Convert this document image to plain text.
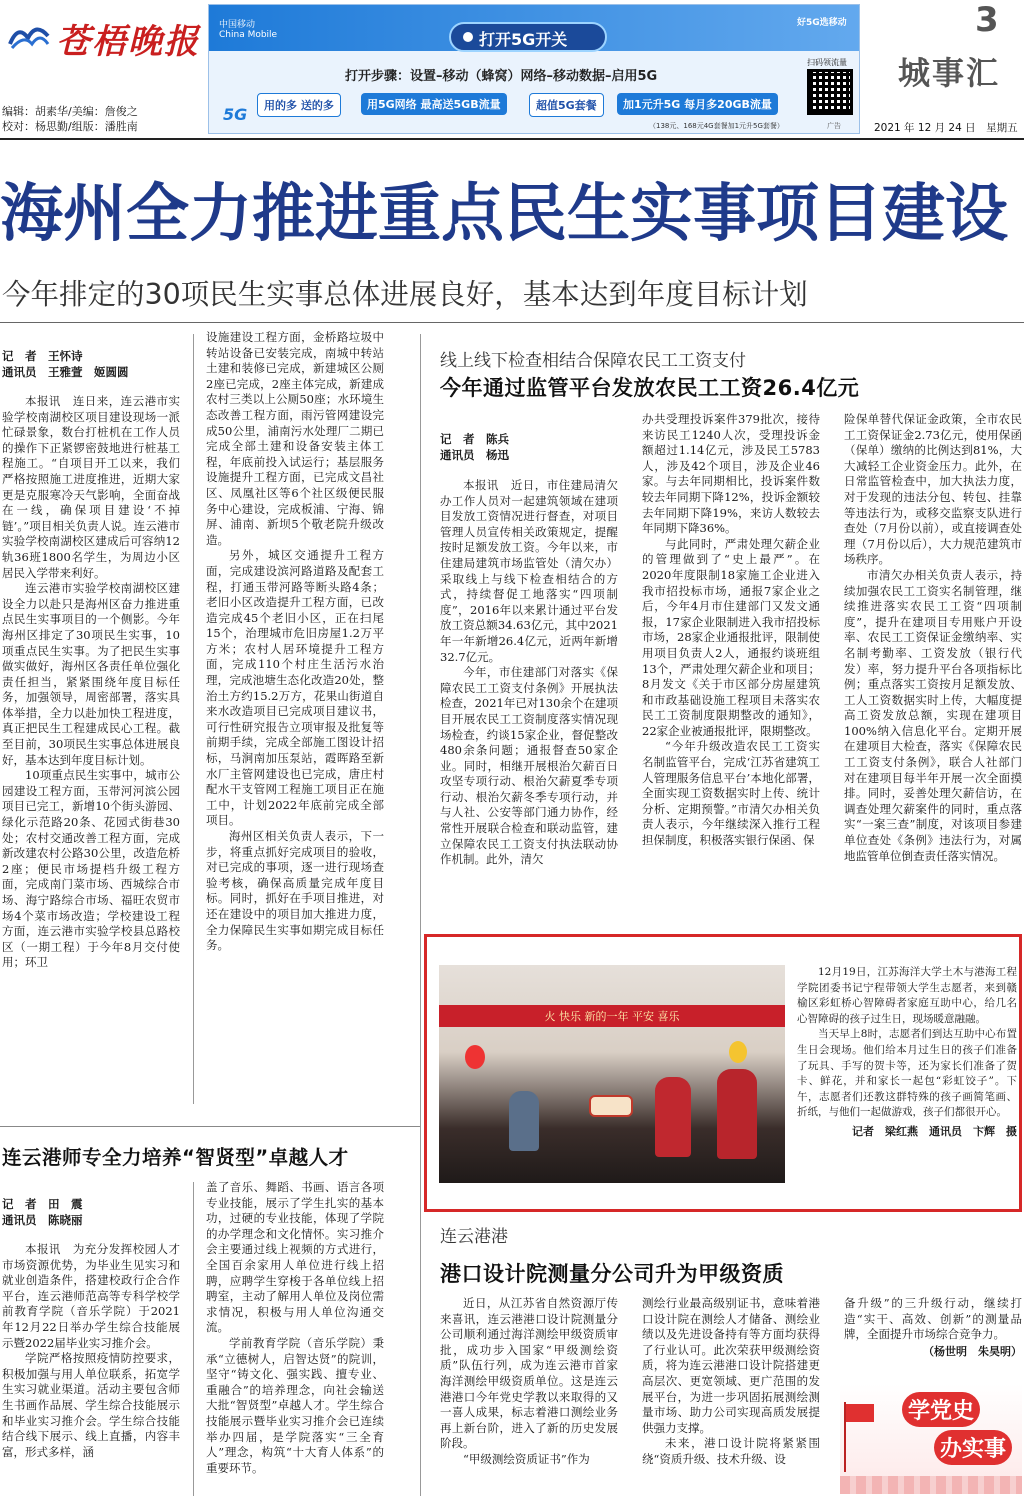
苍梧晚报
编辑：胡素华/美编：詹俊之
校对：杨思勤/组版：潘胜南
中国移动 China Mobile	打开5G开关
好5G选移动
打开步骤：设置–移动（蜂窝）网络–移动数据–启用5G
5G	用的多 送的多	用5G网络 最高送5GB流量	超值5G套餐	加1元升5G 每月多20GB流量
（138元、168元4G套餐加1元升5G套餐）
扫码领流量
广告
3
城事汇
2021 年 12 月 24 日　星期五
海州全力推进重点民生实事项目建设
今年排定的30项民生实事总体进展良好，基本达到年度目标计划
记　者　王怀诗
通讯员　王雅萱　姬圆圆

本报讯　连日来，连云港市实验学校南湖校区项目建设现场一派忙碌景象，数台打桩机在工作人员的操作下正紧锣密鼓地进行桩基工程施工。“自项目开工以来，我们严格按照施工进度推进，近期大家更是克服寒冷天气影响，全面奋战在一线，确保项目建设‘不掉链’。”项目相关负责人说。连云港市实验学校南湖校区建成后可容纳12轨36班1800名学生，为周边小区居民入学带来利好。

连云港市实验学校南湖校区建设全力以赴只是海州区奋力推进重点民生实事项目的一个侧影。今年海州区排定了30项民生实事，10项重点民生实事。为了把民生实事做实做好，海州区各责任单位强化责任担当，紧紧围绕年度目标任务，加强领导，周密部署，落实具体举措，全力以赴加快工程进度，真正把民生工程建成民心工程。截至目前，30项民生实事总体进展良好，基本达到年度目标计划。

10项重点民生实事中，城市公园建设工程方面，玉带河河滨公园项目已完工，新增10个街头游园、绿化示范路20条、花园式街巷30处；农村交通改善工程方面，完成新改建农村公路30公里，改造危桥2座；便民市场提档升级工程方面，完成南门菜市场、西城综合市场、海宁路综合市场、福旺农贸市场4个菜市场改造；学校建设工程方面，连云港市实验学校县总路校区（一期工程）于今年8月交付使用；环卫

设施建设工程方面，金桥路垃圾中转站设备已安装完成，南城中转站土建和装修已完成，新建城区公厕2座已完成，2座主体完成，新建成农村三类以上公厕50座；水环境生态改善工程方面，雨污管网建设完成50公里，浦南污水处理厂二期已完成全部土建和设备安装主体工程，年底前投入试运行；基层服务设施提升工程方面，已完成文昌社区、凤凰社区等6个社区级便民服务中心建设，完成板浦、宁海、锦屏、浦南、新坝5个敬老院升级改造。

另外，城区交通提升工程方面，完成建设滨河路道路及配套工程，打通玉带河路等断头路4条；老旧小区改造提升工程方面，已改造完成45个老旧小区，正在扫尾15个，治理城市危旧房屋1.2万平方米；农村人居环境提升工程方面，完成110个村庄生活污水治理，完成池塘生态化改造20处，整治土方约15.2万方，花果山街道自来水改造项目已完成项目建议书，可行性研究报告立项审报及批复等前期手续，完成全部施工图设计招标，马涧南加压泵站，霞晖路至新水厂主管网建设也已完成，唐庄村配水干支管网工程施工项目正在施工中，计划2022年底前完成全部项目。

海州区相关负责人表示，下一步，将重点抓好完成项目的验收，对已完成的事项，逐一进行现场查验考核，确保高质量完成年度目标。同时，抓好在手项目推进，对还在建设中的项目加大推进力度，全力保障民生实事如期完成目标任务。

线上线下检查相结合保障农民工工资支付
今年通过监管平台发放农民工工资26.4亿元
记　者　陈兵
通讯员　杨迅

本报讯　近日，市住建局清欠办工作人员对一起建筑领域在建项目发放工资情况进行督查，对项目管理人员宣传相关政策规定，提醒按时足额发放工资。今年以来，市住建局建筑市场监管处（清欠办）采取线上与线下检查相结合的方式，持续督促工地落实“四项制度”，2016年以来累计通过平台发放工资总额34.63亿元，其中2021年一年新增26.4亿元，近两年新增32.7亿元。

今年，市住建部门对落实《保障农民工工资支付条例》开展执法检查，2021年已对130余个在建项目开展农民工工资制度落实情况现场检查，约谈15家企业，督促整改480余条问题；通报督查50家企业。同时，相继开展根治欠薪百日攻坚专项行动、根治欠薪夏季专项行动、根治欠薪冬季专项行动，并与人社、公安等部门通力协作，经常性开展联合检查和联动监管，建立保障农民工工资支付执法联动协作机制。此外，清欠

办共受理投诉案件379批次，接待来访民工1240人次，受理投诉金额超过1.14亿元，涉及民工5783人，涉及42个项目，涉及企业46家。与去年同期相比，投诉案件数较去年同期下降12%，投诉金额较去年同期下降19%，来访人数较去年同期下降36%。

与此同时，严肃处理欠薪企业的管理做到了“史上最严”。在2020年度限制18家施工企业进入我市招投标市场，通报7家企业之后，今年4月市住建部门又发文通报，17家企业限制进入我市招投标市场，28家企业通报批评，限制使用项目负责人2人，通报约谈班组13个，严肃处理欠薪企业和项目；8月发文《关于市区部分房屋建筑和市政基础设施工程项目未落实农民工工资制度限期整改的通知》，22家企业被通报批评，限期整改。

“今年升级改造农民工工资实名制监管平台，完成‘江苏省建筑工人管理服务信息平台’本地化部署，全面实现工资数据实时上传、统计分析、定期预警。”市清欠办相关负责人表示，今年继续深入推行工程担保制度，积极落实银行保函、保

险保单替代保证金政策，全市农民工工资保证金2.73亿元，使用保函（保单）缴纳的比例达到81%，大大减轻工企业资金压力。此外，在日常监管检查中，加大执法力度，对于发现的违法分包、转包、挂靠等违法行为，或移交监察支队进行查处（7月份以前），或直接调查处理（7月份以后），大力规范建筑市场秩序。

市清欠办相关负责人表示，持续加强农民工工资实名制管理，继续推进落实农民工工资“四项制度”，提升在建项目专用账户开设率、农民工工资保证金缴纳率、实名制考勤率、工资发放（银行代发）率，努力提升平台各项指标比例；重点落实工资按月足额发放、工人工资数据实时上传，大幅度提高工资发放总额，实现在建项目100%纳入信息化平台。定期开展在建项目大检查，落实《保障农民工工资支付条例》，联合人社部门对在建项目每半年开展一次全面摸排。同时，妥善处理欠薪信访，在调查处理欠薪案件的同时，重点落实“一案三查”制度，对该项目参建单位查处《条例》违法行为，对属地监管单位倒查责任落实情况。

火 快乐 新的一年 平安 喜乐

12月19日，江苏海洋大学土木与港海工程学院团委书记宁程带领大学生志愿者，来到赣榆区彩虹桥心智障碍者家庭互助中心，给几名心智障碍的孩子过生日，现场暖意融融。

当天早上8时，志愿者们到达互助中心布置生日会现场。他们给本月过生日的孩子们准备了玩具、手写的贺卡等，还为家长们准备了贺卡、鲜花，并和家长一起包“彩虹饺子”。下午，志愿者们还教这群特殊的孩子画简笔画、折纸，与他们一起做游戏，孩子们都很开心。

记者　梁红燕　通讯员　卞辉　摄

连云港师专全力培养“智贤型”卓越人才
记　者　田　震
通讯员　陈晓丽

本报讯　为充分发挥校园人才市场资源优势，为毕业生见实习和就业创造条件，搭建校政行企合作平台，连云港师范高等专科学校学前教育学院（音乐学院）于2021年12月22日举办学生综合技能展示暨2022届毕业实习推介会。

学院严格按照疫情防控要求，积极加强与用人单位联系，拓宽学生实习就业渠道。活动主要包含师生书画作品展、学生综合技能展示和毕业实习推介会。学生综合技能结合线下展示、线上直播，内容丰富，形式多样，涵

盖了音乐、舞蹈、书画、语言各项专业技能，展示了学生扎实的基本功，过硬的专业技能，体现了学院的办学理念和文化情怀。实习推介会主要通过线上视频的方式进行，全国百余家用人单位进行线上招聘，应聘学生穿梭于各单位线上招聘室，主动了解用人单位及岗位需求情况，积极与用人单位沟通交流。

学前教育学院（音乐学院）秉承“立德树人，启智达贤”的院训，坚守“铸文化、强实践、擅专业、重融合”的培养理念，向社会输送大批“智贤型”卓越人才。学生综合技能展示暨毕业实习推介会已连续举办四届，是学院落实“三全育人”理念，构筑“十大育人体系”的重要环节。

连云港港
港口设计院测量分公司升为甲级资质

近日，从江苏省自然资源厅传来喜讯，连云港港口设计院测量分公司顺利通过海洋测绘甲级资质审批，成功步入国家“甲级测绘资质”队伍行列，成为连云港市首家海洋测绘甲级资质单位。这是连云港港口今年党史学教以来取得的又一喜人成果，标志着港口测绘业务再上新台阶，进入了新的历史发展阶段。

“甲级测绘资质证书”作为

测绘行业最高级别证书，意味着港口设计院在测绘人才储备、测绘业绩以及先进设备持有等方面均获得了行业认可。此次荣获甲级测绘资质，将为连云港港口设计院搭建更高层次、更宽领域、更广范围的发展平台，为进一步巩固拓展测绘测量市场、助力公司实现高质发展提供强力支撑。

未来，港口设计院将紧紧围绕“资质升级、技术升级、设

备升级”的三升级行动，继续打造“实干、高效、创新”的测量品牌，全面提升市场综合竞争力。

（杨世明　朱昊明）

学党史
办实事
